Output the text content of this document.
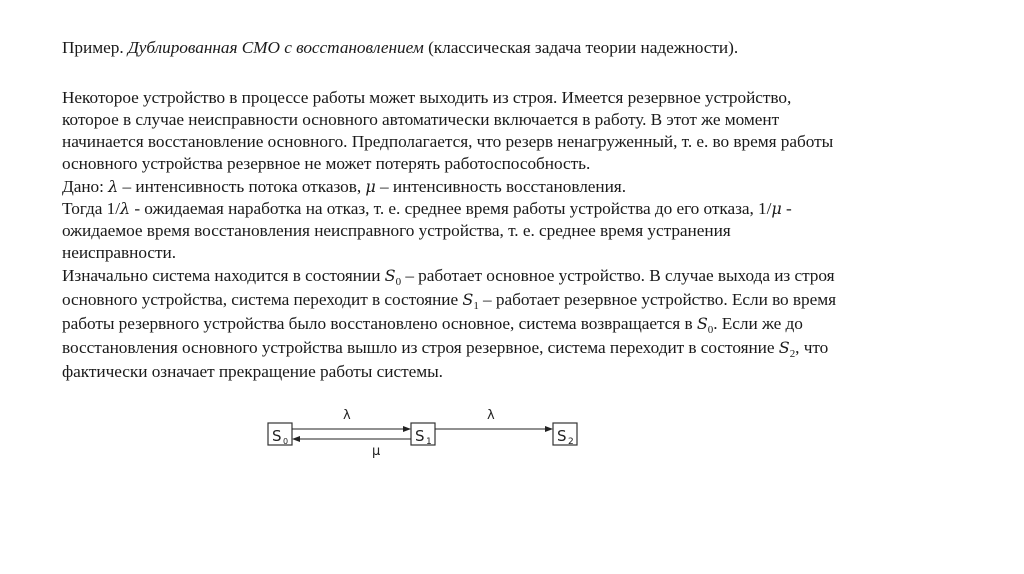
Пример. Дублированная СМО с восстановлением (классическая задача теории надежности).
Некоторое устройство в процессе работы может выходить из строя. Имеется резервное устройство,
которое в случае неисправности основного автоматически включается в работу. В этот же момент
начинается восстановление основного. Предполагается, что резерв ненагруженный, т. е. во время работы
основного устройства резервное не может потерять работоспособность.
Дано: λ – интенсивность потока отказов, μ – интенсивность восстановления.
Тогда 1/λ - ожидаемая наработка на отказ, т. е. среднее время работы устройства до его отказа, 1/μ -
ожидаемое время восстановления неисправного устройства, т. е. среднее время устранения
неисправности.
Изначально система находится в состоянии $S_0$ – работает основное устройство. В случае выхода из строя
основного устройства, система переходит в состояние $S_1$ – работает резервное устройство. Если во время
работы резервного устройства было восстановлено основное, система возвращается в $S_0$. Если же до
восстановления основного устройства вышло из строя резервное, система переходит в состояние $S_2$, что
фактически означает прекращение работы системы.
S 0	S 1	S 2
λ	λ
μ
